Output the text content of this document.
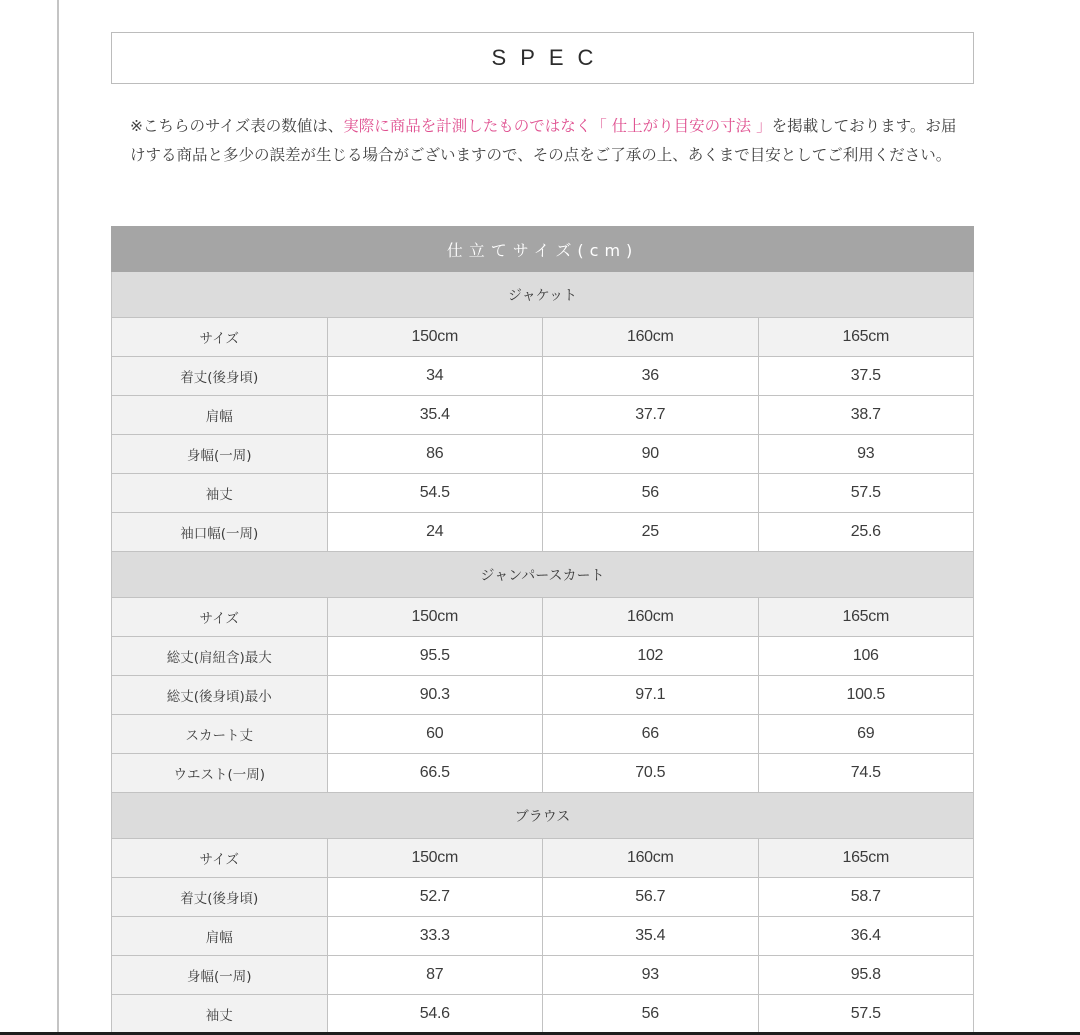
SPEC

※こちらのサイズ表の数値は、実際に商品を計測したものではなく「 仕上がり目安の寸法 」を掲載しております。お届けする商品と多少の誤差が生じる場合がございますので、その点をご了承の上、あくまで目安としてご利用ください。

仕立てサイズ(cm)			
ジャケット			
サイズ	150cm	160cm	165cm
着丈(後身頃)	34	36	37.5
肩幅	35.4	37.7	38.7
身幅(一周)	86	90	93
袖丈	54.5	56	57.5
袖口幅(一周)	24	25	25.6
ジャンパースカート			
サイズ	150cm	160cm	165cm
総丈(肩紐含)最大	95.5	102	106
総丈(後身頃)最小	90.3	97.1	100.5
スカート丈	60	66	69
ウエスト(一周)	66.5	70.5	74.5
ブラウス			
サイズ	150cm	160cm	165cm
着丈(後身頃)	52.7	56.7	58.7
肩幅	33.3	35.4	36.4
身幅(一周)	87	93	95.8
袖丈	54.6	56	57.5
